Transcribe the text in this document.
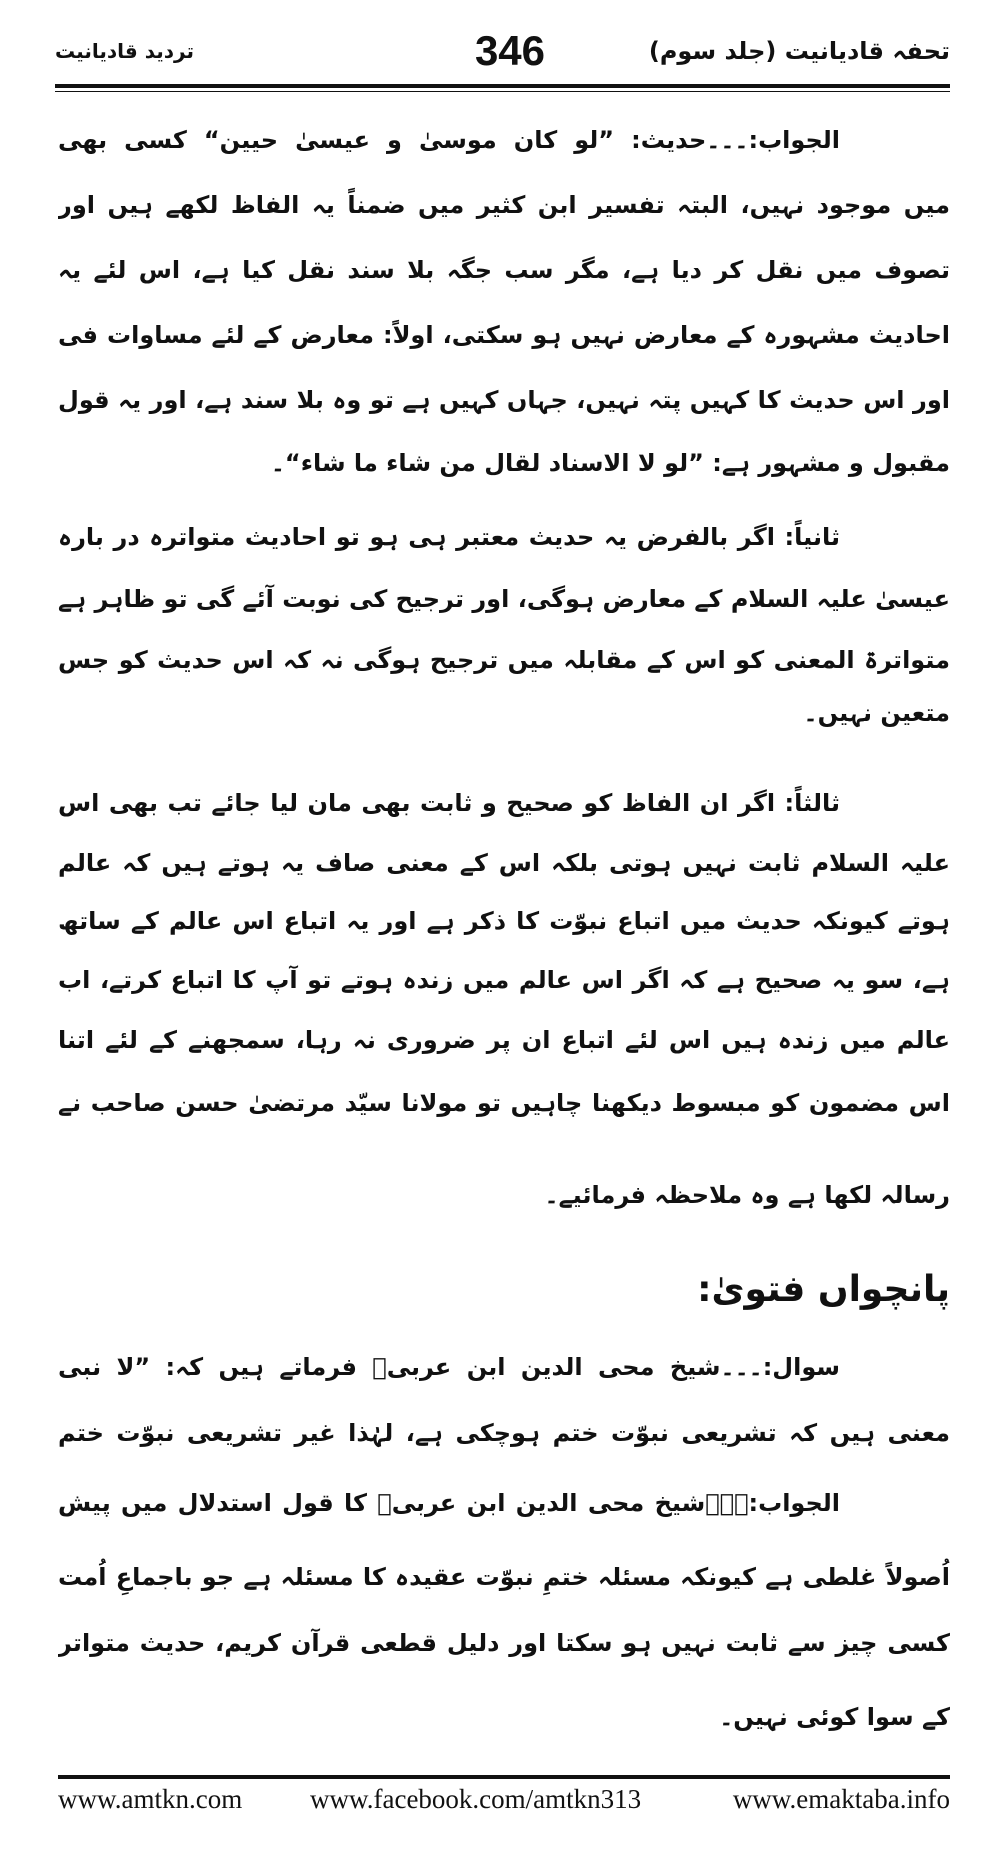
تحفہ قادیانیت (جلد سوم)
346
تردید قادیانیت
الجواب:۔۔۔حدیث: ”لو کان موسیٰ و عیسیٰ حیین“ کسی بھی
میں موجود نہیں، البتہ تفسیر ابن کثیر میں ضمناً یہ الفاظ لکھے ہیں اور
تصوف میں نقل کر دیا ہے، مگر سب جگہ بلا سند نقل کیا ہے، اس لئے یہ
احادیث مشہورہ کے معارض نہیں ہو سکتی، اولاً: معارض کے لئے مساوات فی
اور اس حدیث کا کہیں پتہ نہیں، جہاں کہیں ہے تو وہ بلا سند ہے، اور یہ قول
مقبول و مشہور ہے: ”لو لا الاسناد لقال من شاء ما شاء“۔
ثانیاً: اگر بالفرض یہ حدیث معتبر ہی ہو تو احادیث متواترہ در بارہ
عیسیٰ علیہ السلام کے معارض ہوگی، اور ترجیح کی نوبت آئے گی تو ظاہر ہے
متواترۃ المعنی کو اس کے مقابلہ میں ترجیح ہوگی نہ کہ اس حدیث کو جس
متعین نہیں۔
ثالثاً: اگر ان الفاظ کو صحیح و ثابت بھی مان لیا جائے تب بھی اس
علیہ السلام ثابت نہیں ہوتی بلکہ اس کے معنی صاف یہ ہوتے ہیں کہ عالم
ہوتے کیونکہ حدیث میں اتباع نبوّت کا ذکر ہے اور یہ اتباع اس عالم کے ساتھ
ہے، سو یہ صحیح ہے کہ اگر اس عالم میں زندہ ہوتے تو آپ کا اتباع کرتے، اب
عالم میں زندہ ہیں اس لئے اتباع ان پر ضروری نہ رہا، سمجھنے کے لئے اتنا
اس مضمون کو مبسوط دیکھنا چاہیں تو مولانا سیّد مرتضیٰ حسن صاحب نے
رسالہ لکھا ہے وہ ملاحظہ فرمائیے۔
پانچواں فتویٰ:
سوال:۔۔۔شیخ محی الدین ابن عربیؒ فرماتے ہیں کہ: ”لا نبی
معنی ہیں کہ تشریعی نبوّت ختم ہوچکی ہے، لہٰذا غیر تشریعی نبوّت ختم
الجواب:۔۔۔شیخ محی الدین ابن عربیؒ کا قول استدلال میں پیش
اُصولاً غلطی ہے کیونکہ مسئلہ ختمِ نبوّت عقیدہ کا مسئلہ ہے جو باجماعِ اُمت
کسی چیز سے ثابت نہیں ہو سکتا اور دلیل قطعی قرآن کریم، حدیث متواتر
کے سوا کوئی نہیں۔
www.amtkn.com	www.facebook.com/amtkn313	www.emaktaba.info
